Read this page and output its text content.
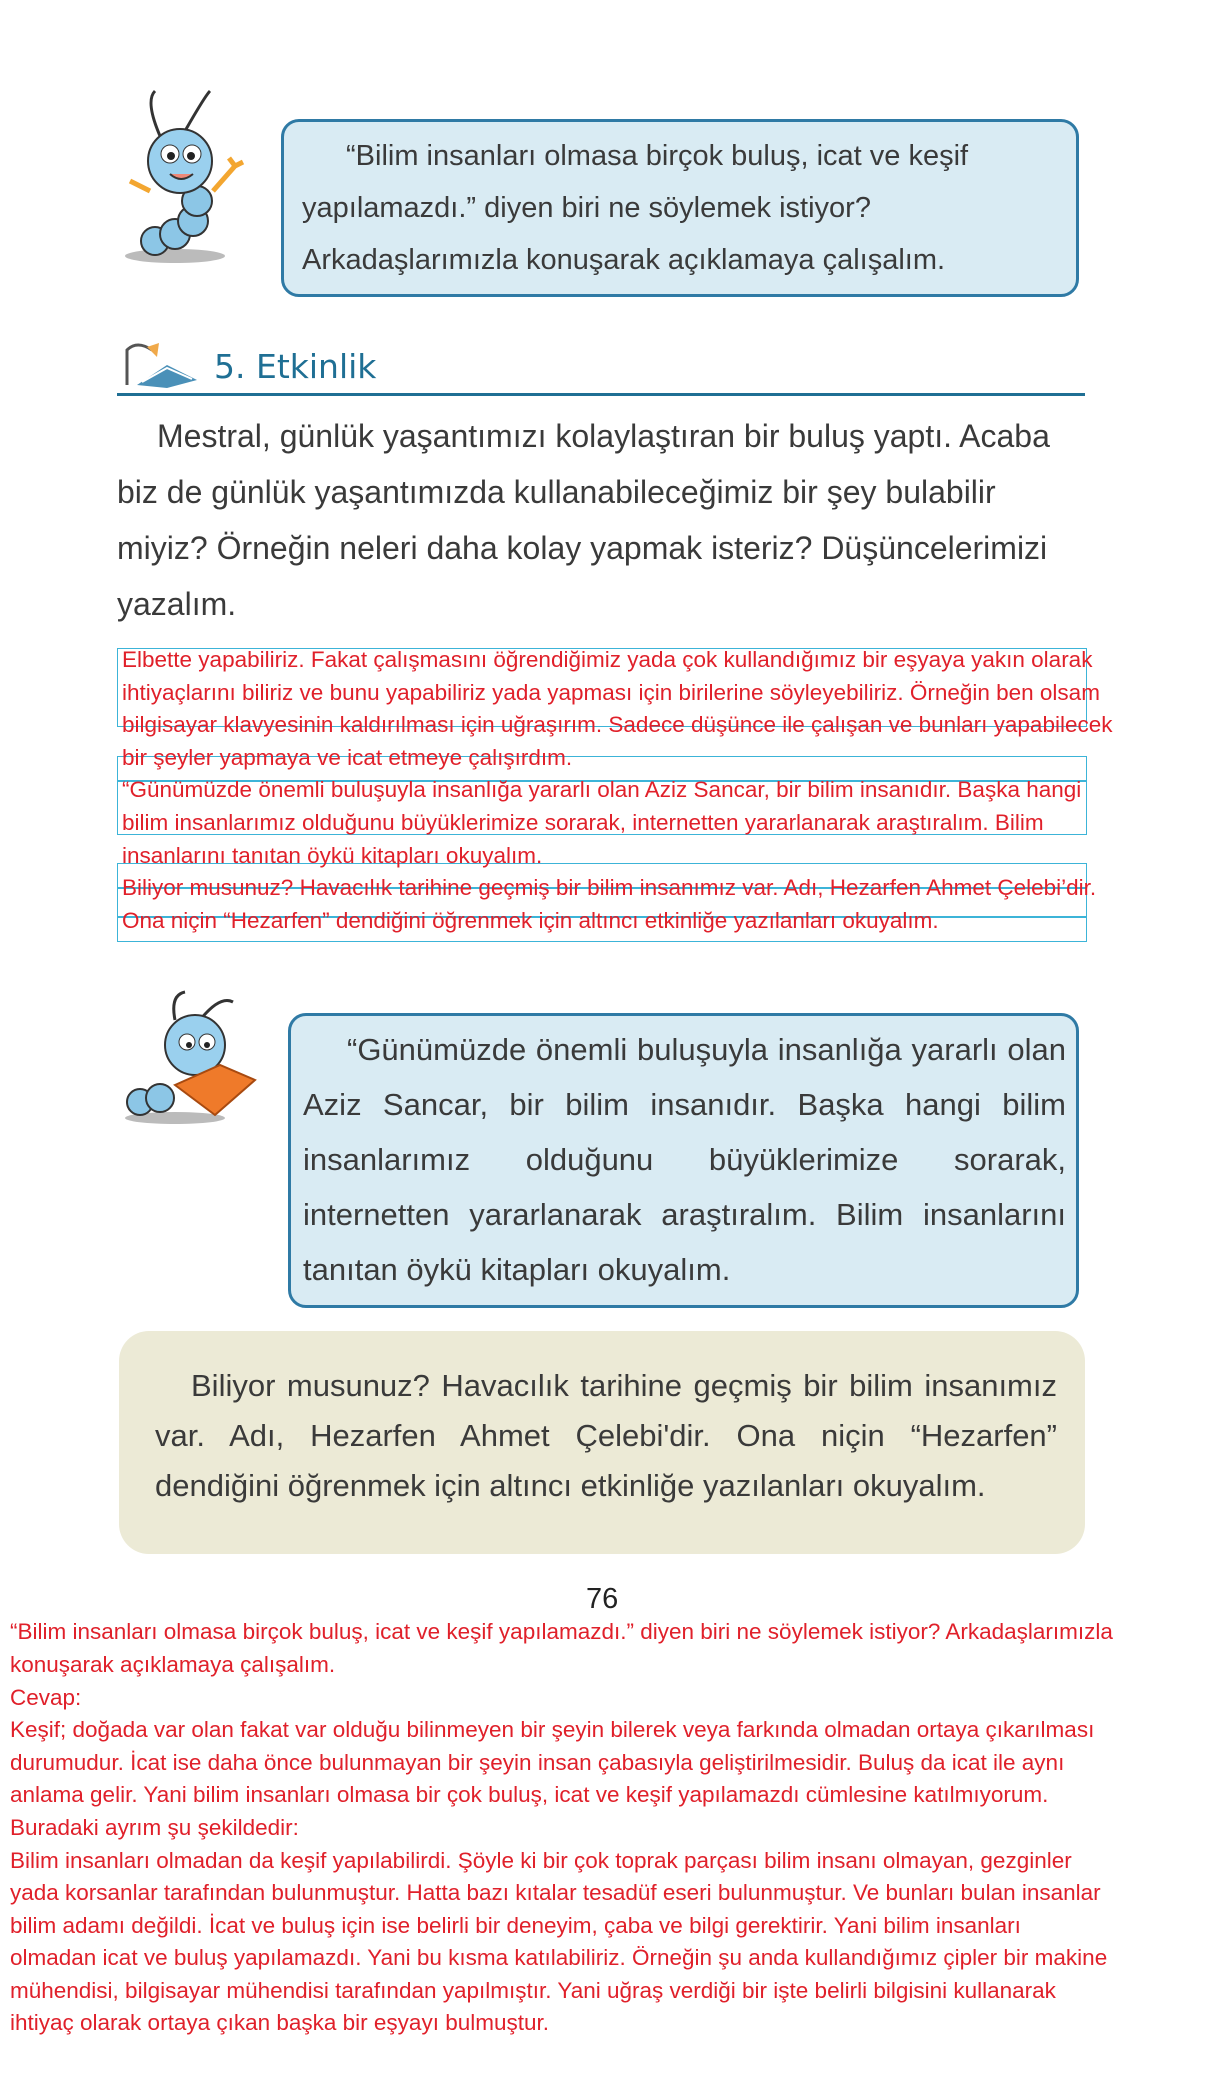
“Bilim insanları olmasa birçok buluş, icat ve keşif yapılamazdı.” diyen biri ne söylemek istiyor? Arkadaşlarımızla konuşarak açıklamaya çalışalım.

5. Etkinlik

Mestral, günlük yaşantımızı kolaylaştıran bir buluş yaptı. Acaba biz de günlük yaşantımızda kullanabileceğimiz bir şey bulabilir miyiz? Örneğin neleri daha kolay yapmak isteriz? Düşüncelerimizi yazalım.

Elbette yapabiliriz. Fakat çalışmasını öğrendiğimiz yada çok kullandığımız bir eşyaya yakın olarak
ihtiyaçlarını biliriz ve bunu yapabiliriz yada yapması için birilerine söyleyebiliriz. Örneğin ben olsam
bilgisayar klavyesinin kaldırılması için uğraşırım. Sadece düşünce ile çalışan ve bunları yapabilecek
bir şeyler yapmaya ve icat etmeye çalışırdım.
“Günümüzde önemli buluşuyla insanlığa yararlı olan Aziz Sancar, bir bilim insanıdır. Başka hangi
bilim insanlarımız olduğunu büyüklerimize sorarak, internetten yararlanarak araştıralım. Bilim
insanlarını tanıtan öykü kitapları okuyalım.
Biliyor musunuz? Havacılık tarihine geçmiş bir bilim insanımız var. Adı, Hezarfen Ahmet Çelebi’dir.
Ona niçin “Hezarfen” dendiğini öğrenmek için altıncı etkinliğe yazılanları okuyalım.

“Günümüzde önemli buluşuyla insanlığa yararlı olan Aziz Sancar, bir bilim insanıdır. Başka hangi bilim insanlarımız olduğunu büyüklerimize sorarak, internetten yararlanarak araştıralım. Bilim insanlarını tanıtan öykü kitapları okuyalım.

Biliyor musunuz? Havacılık tarihine geçmiş bir bilim insanımız var. Adı, Hezarfen Ahmet Çelebi'dir. Ona niçin “Hezarfen” dendiğini öğrenmek için altıncı etkinliğe yazılanları okuyalım.

76
“Bilim insanları olmasa birçok buluş, icat ve keşif yapılamazdı.” diyen biri ne söylemek istiyor? Arkadaşlarımızla
konuşarak açıklamaya çalışalım.
Cevap:
Keşif; doğada var olan fakat var olduğu bilinmeyen bir şeyin bilerek veya farkında olmadan ortaya çıkarılması
durumudur. İcat ise daha önce bulunmayan bir şeyin insan çabasıyla geliştirilmesidir. Buluş da icat ile aynı
anlama gelir. Yani bilim insanları olmasa bir çok buluş, icat ve keşif yapılamazdı cümlesine katılmıyorum.
Buradaki ayrım şu şekildedir:
Bilim insanları olmadan da keşif yapılabilirdi. Şöyle ki bir çok toprak parçası bilim insanı olmayan, gezginler
yada korsanlar tarafından bulunmuştur. Hatta bazı kıtalar tesadüf eseri bulunmuştur. Ve bunları bulan insanlar
bilim adamı değildi. İcat ve buluş için ise belirli bir deneyim, çaba ve bilgi gerektirir. Yani bilim insanları
olmadan icat ve buluş yapılamazdı. Yani bu kısma katılabiliriz. Örneğin şu anda kullandığımız çipler bir makine
mühendisi, bilgisayar mühendisi tarafından yapılmıştır. Yani uğraş verdiği bir işte belirli bilgisini kullanarak
ihtiyaç olarak ortaya çıkan başka bir eşyayı bulmuştur.
